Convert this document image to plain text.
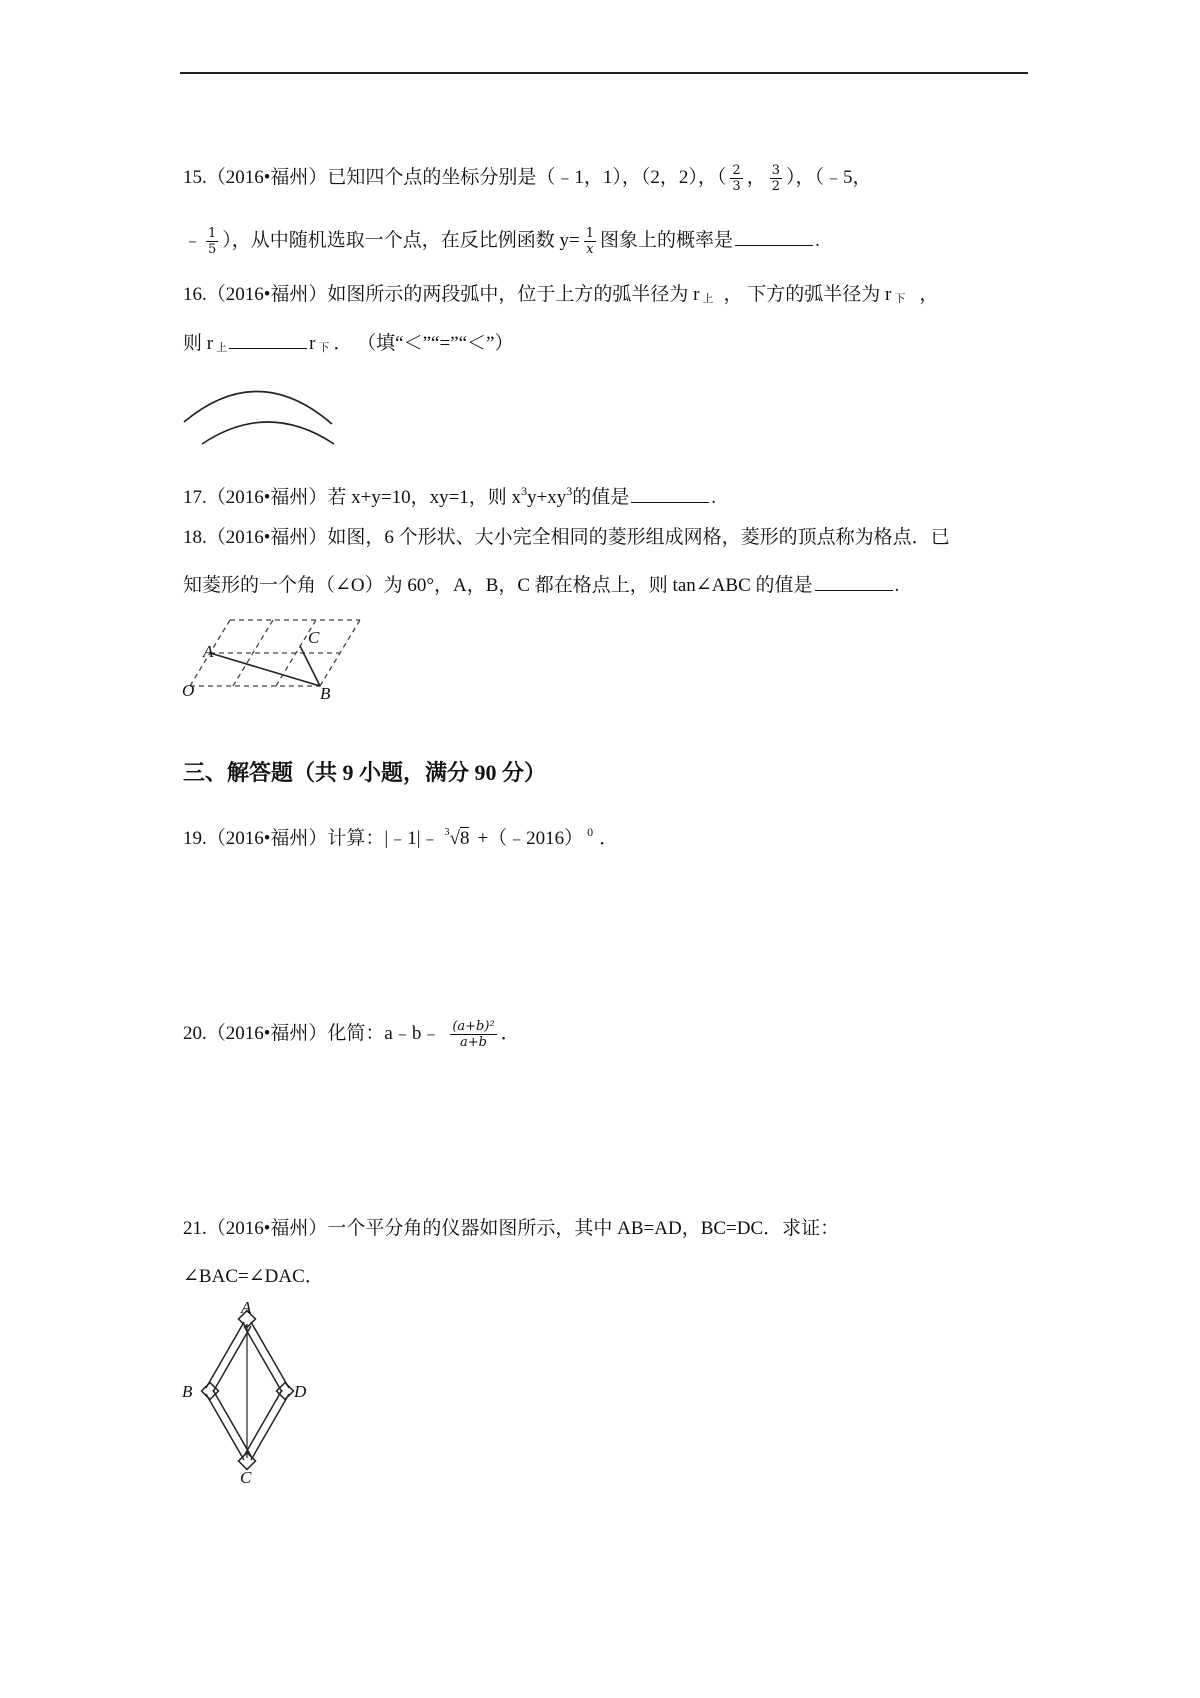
15.（2016•福州）已知四个点的坐标分别是（﹣1，1），（2，2），（ $\frac{2}{3}$ ， $\frac{3}{2}$ ），（﹣5，
﹣ $\frac{1}{5}$ ），从中随机选取一个点，在反比例函数 $y= \frac{1}{x}$ 图象上的概率是	.
16.（2016•福州）如图所示的两段弧中，位于上方的弧半径为 r 上 ， 下方的弧半径为 r 下 ，
则 r 上	r 下 ． （填“＜”“=”“＜”）
17.（2016•福州）若 x+y=10，xy=1，则 $x^3y+xy^3$的值是	.
18.（2016•福州）如图，6 个形状、大小完全相同的菱形组成网格，菱形的顶点称为格点．已
知菱形的一个角（∠O）为 60°，A，B，C 都在格点上，则 tan∠ABC 的值是	.
A
C
O	B
三、解答题（共 9 小题，满分 90 分）
19.（2016•福州）计算：|﹣1|﹣ 3 √8 +（﹣2016） $^0$ ．
20.（2016•福州）化简：a﹣b﹣ $\frac{\text{(a+b)²}}{a+b}$ ．
21.（2016•福州）一个平分角的仪器如图所示，其中 AB=AD，BC=DC．求证：
∠BAC=∠DAC．
A
B	D
C
